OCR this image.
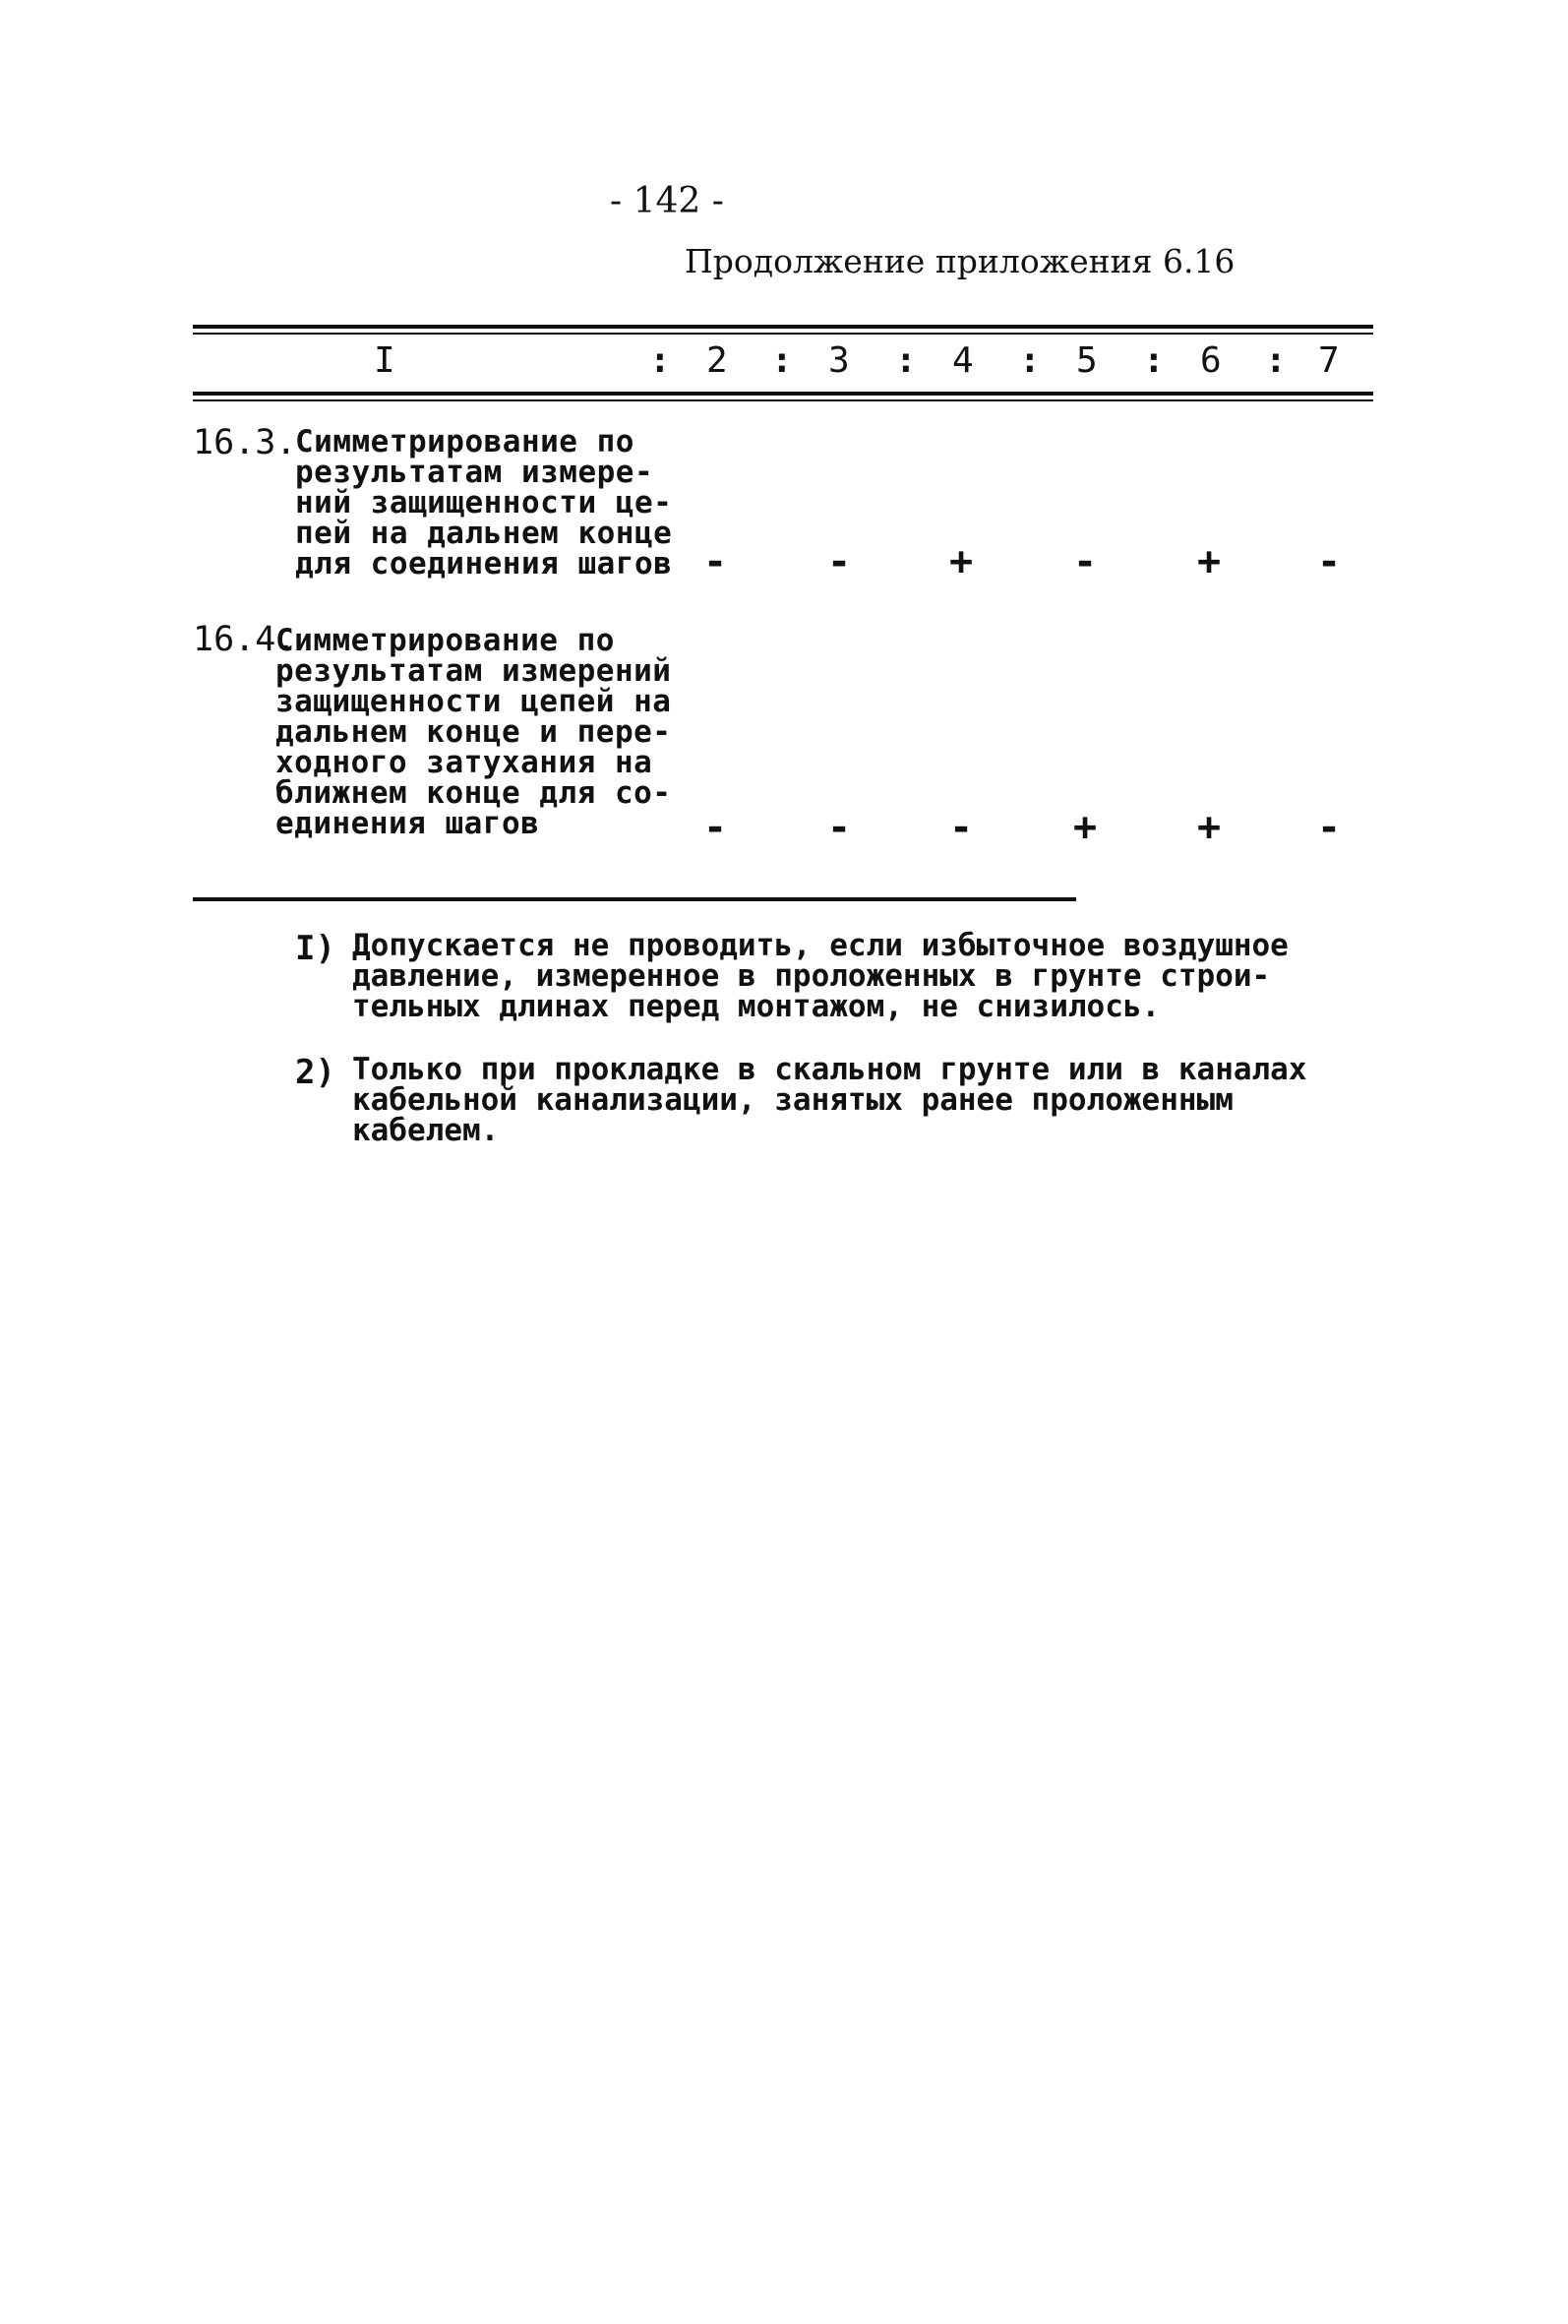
- 142 -
Продолжение приложения 6.16
I	: 2 : 3 : 4 : 5 : 6 : 7
16.3.
Симметрирование по
результатам измере-
ний защищенности це-
пей на дальнем конце
для соединения шагов -	- +	-	+ -
16.4.
Симметрирование по
результатам измерений
защищенности цепей на
дальнем конце и пере-
ходного затухания на
ближнем конце для со-
единения шагов	-	- -	+	+ -
I) Допускается не проводить, если избыточное воздушное
давление, измеренное в проложенных в грунте строи-
тельных длинах перед монтажом, не снизилось.
2) Только при прокладке в скальном грунте или в каналах
кабельной канализации, занятых ранее проложенным
кабелем.
